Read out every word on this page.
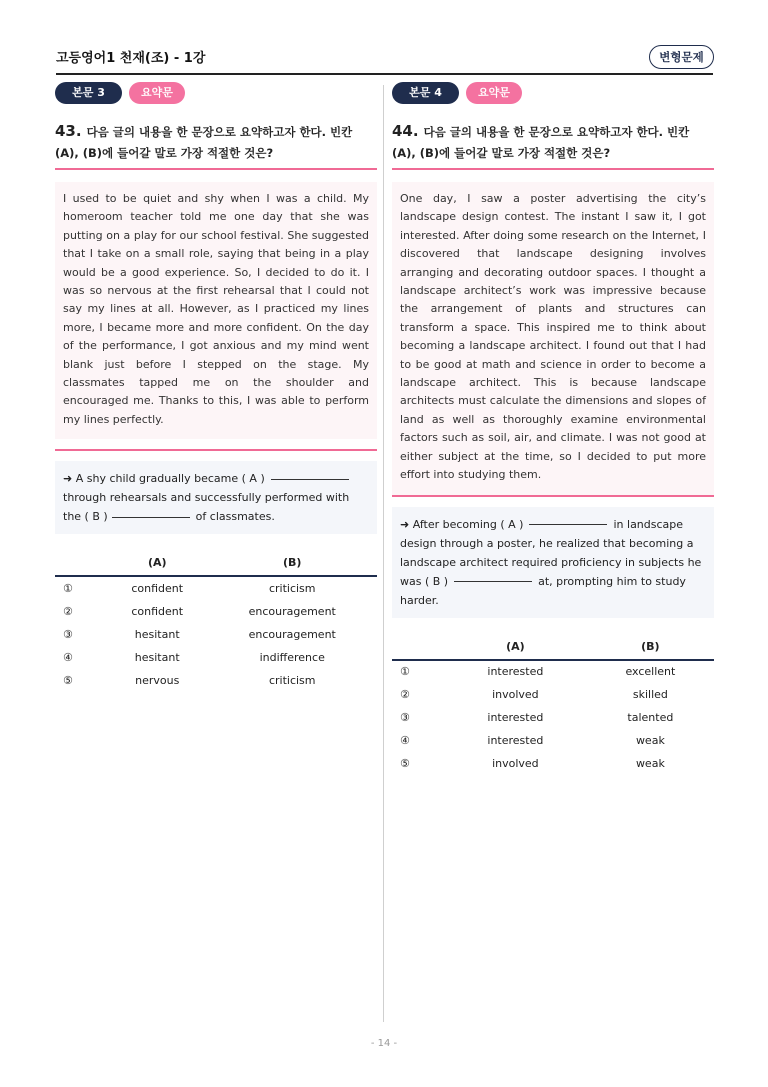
고등영어1 천재(조) - 1강	변형문제
본문 3	요약문
43. 다음 글의 내용을 한 문장으로 요약하고자 한다. 빈칸 (A), (B)에 들어갈 말로 가장 적절한 것은?
I used to be quiet and shy when I was a child. My homeroom teacher told me one day that she was putting on a play for our school festival. She suggested that I take on a small role, saying that being in a play would be a good experience. So, I decided to do it. I was so nervous at the first rehearsal that I could not say my lines at all. However, as I practiced my lines more, I became more and more confident. On the day of the performance, I got anxious and my mind went blank just before I stepped on the stage. My classmates tapped me on the shoulder and encouraged me. Thanks to this, I was able to perform my lines perfectly.
➜ A shy child gradually became ( A )through rehearsals and successfully performed with the ( B )	of classmates.
	(A)	(B)
①	confident	criticism
②	confident	encouragement
③	hesitant	encouragement
④	hesitant	indifference
⑤	nervous	criticism
본문 4	요약문
44. 다음 글의 내용을 한 문장으로 요약하고자 한다. 빈칸 (A), (B)에 들어갈 말로 가장 적절한 것은?
One day, I saw a poster advertising the city’s landscape design contest. The instant I saw it, I got interested. After doing some research on the Internet, I discovered that landscape designing involves arranging and decorating outdoor spaces. I thought a landscape architect’s work was impressive because the arrangement of plants and structures can transform a space. This inspired me to think about becoming a landscape architect. I found out that I had to be good at math and science in order to become a landscape architect. This is because landscape architects must calculate the dimensions and slopes of land as well as thoroughly examine environmental factors such as soil, air, and climate. I was not good at either subject at the time, so I decided to put more effort into studying them.
➜ After becoming ( A )	in landscape design through a poster, he realized that becoming a landscape architect required proficiency in subjects he was ( B )	at, prompting him to study harder.
	(A)	(B)
①	interested	excellent
②	involved	skilled
③	interested	talented
④	interested	weak
⑤	involved	weak
- 14 -
